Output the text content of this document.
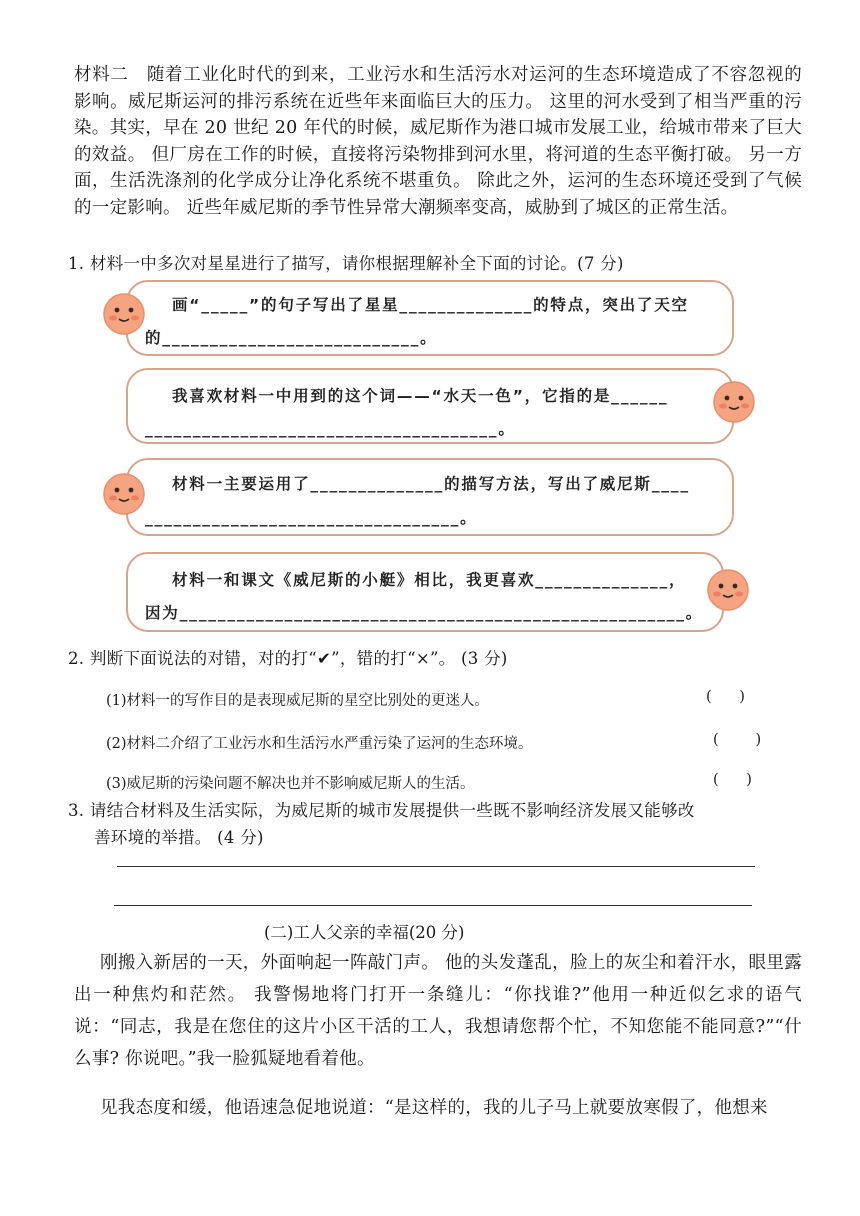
材料二　随着工业化时代的到来，工业污水和生活污水对运河的生态环境造成了不容忽视的影响。威尼斯运河的排污系统在近些年来面临巨大的压力。 这里的河水受到了相当严重的污染。其实，早在 20 世纪 20 年代的时候，威尼斯作为港口城市发展工业，给城市带来了巨大的效益。 但厂房在工作的时候，直接将污染物排到河水里，将河道的生态平衡打破。 另一方面，生活洗涤剂的化学成分让净化系统不堪重负。 除此之外，运河的生态环境还受到了气候的一定影响。 近些年威尼斯的季节性异常大潮频率变高，威胁到了城区的正常生活。
1. 材料一中多次对星星进行了描写，请你根据理解补全下面的讨论。(7 分)
画“_____”的句子写出了星星______________的特点，突出了天空
的___________________________。
我喜欢材料一中用到的这个词——“水天一色”，它指的是______
_____________________________________。
材料一主要运用了______________的描写方法，写出了威尼斯____
_________________________________。
材料一和课文《威尼斯的小艇》相比，我更喜欢______________，
因为_____________________________________________________。
2. 判断下面说法的对错，对的打“✔”，错的打“×”。 (3 分)
(1)材料一的写作目的是表现威尼斯的星空比别处的更迷人。	(      )
(2)材料二介绍了工业污水和生活污水严重污染了运河的生态环境。	(        )
(3)威尼斯的污染问题不解决也并不影响威尼斯人的生活。	(      )
3. 请结合材料及生活实际，为威尼斯的城市发展提供一些既不影响经济发展又能够改
善环境的举措。 (4 分)
(二)工人父亲的幸福(20 分)
刚搬入新居的一天，外面响起一阵敲门声。 他的头发蓬乱，脸上的灰尘和着汗水，眼里露出一种焦灼和茫然。 我警惕地将门打开一条缝儿：“你找谁?”他用一种近似乞求的语气说：“同志，我是在您住的这片小区干活的工人，我想请您帮个忙，不知您能不能同意?”“什么事? 你说吧。”我一脸狐疑地看着他。
见我态度和缓，他语速急促地说道：“是这样的，我的儿子马上就要放寒假了，他想来
